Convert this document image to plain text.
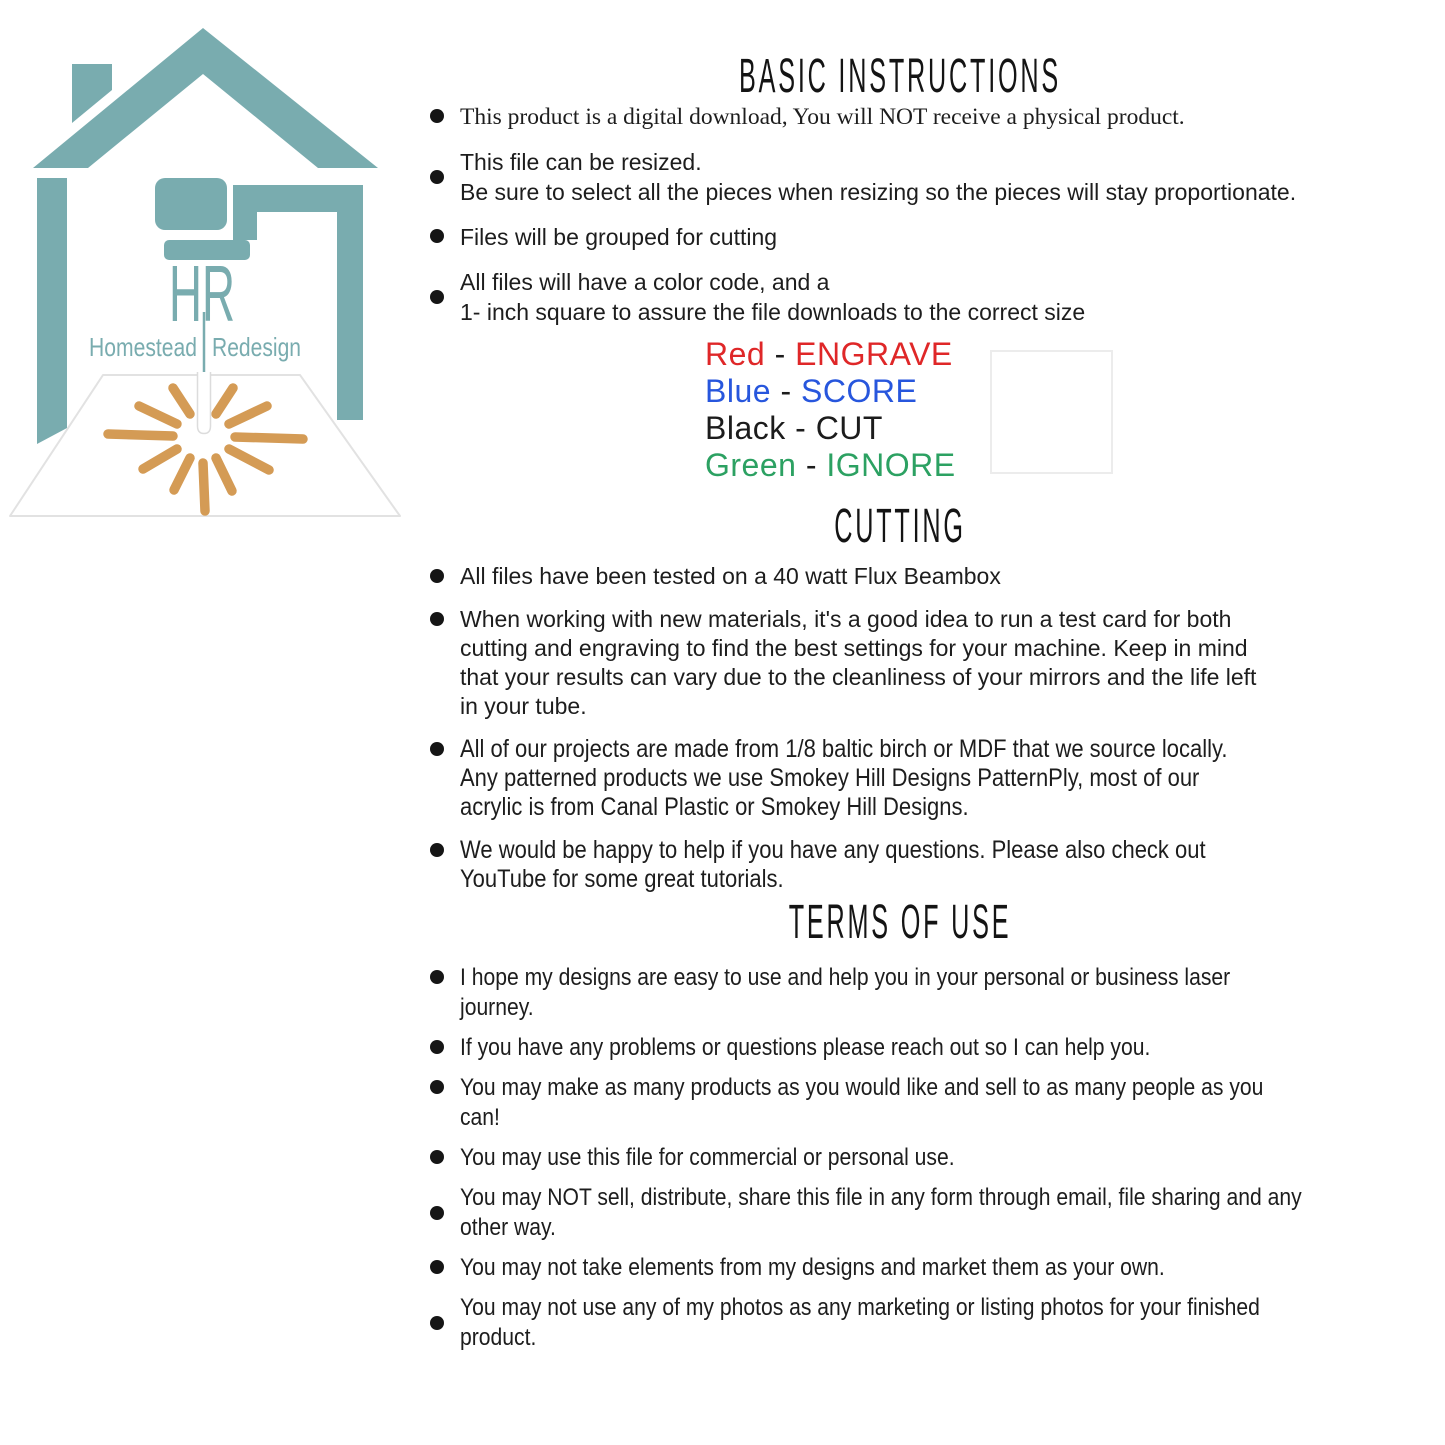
HR
Homestead Redesign
BASIC INSTRUCTIONS
This product is a digital download, You will NOT receive a physical product.
This file can be resized.
Be sure to select all the pieces when resizing so the pieces will stay proportionate.
Files will be grouped for cutting
All files will have a color code, and a
1- inch square to assure the file downloads to the correct size
Red - ENGRAVE
Blue - SCORE
Black - CUT
Green - IGNORE
CUTTING
All files have been tested on a 40 watt Flux Beambox
When working with new materials, it's a good idea to run a test card for both
cutting and engraving to find the best settings for your machine. Keep in mind
that your results can vary due to the cleanliness of your mirrors and the life left
in your tube.
All of our projects are made from 1/8 baltic birch or MDF that we source locally.
Any patterned products we use Smokey Hill Designs PatternPly, most of our
acrylic is from Canal Plastic or Smokey Hill Designs.
We would be happy to help if you have any questions. Please also check out
YouTube for some great tutorials.
TERMS OF USE
I hope my designs are easy to use and help you in your personal or business laser
journey.
If you have any problems or questions please reach out so I can help you.
You may make as many products as you would like and sell to as many people as you
can!
You may use this file for commercial or personal use.
You may NOT sell, distribute, share this file in any form through email, file sharing and any
other way.
You may not take elements from my designs and market them as your own.
You may not use any of my photos as any marketing or listing photos for your finished
product.
